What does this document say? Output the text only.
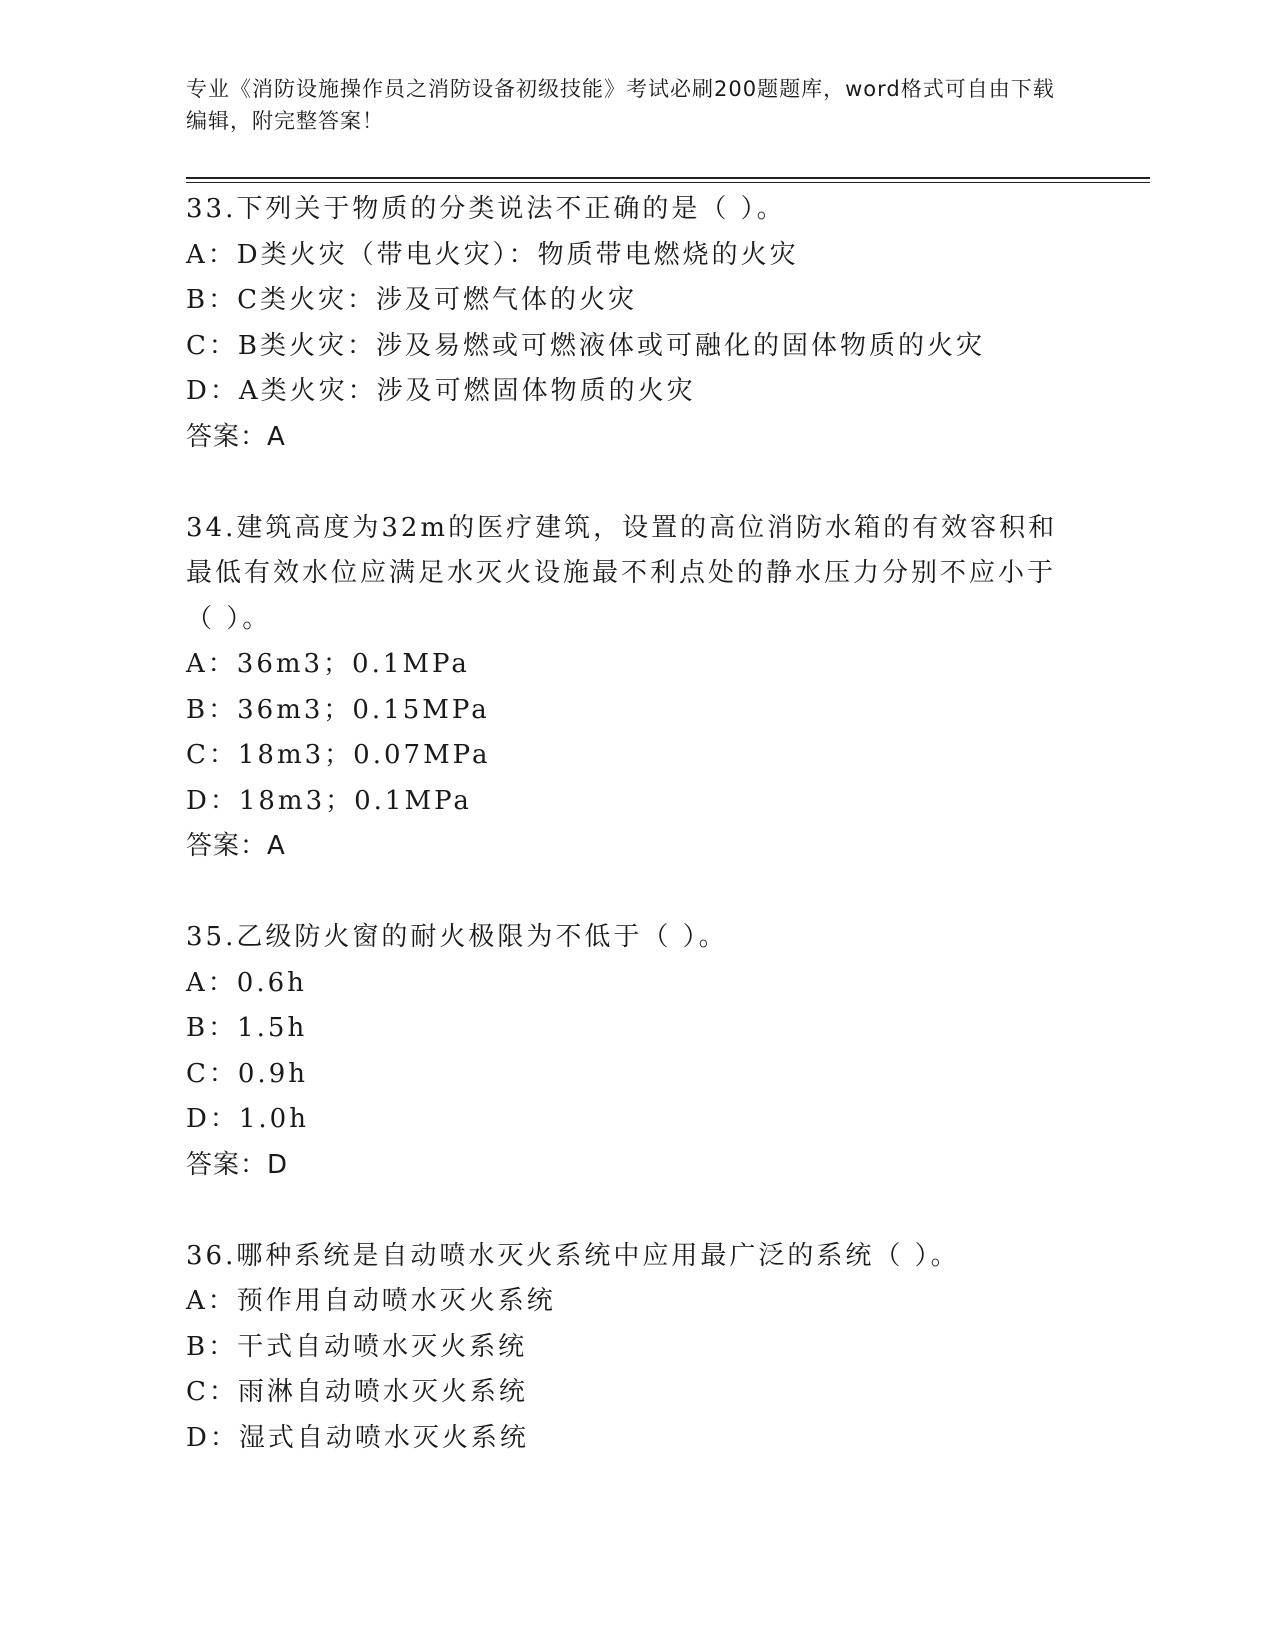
专业《消防设施操作员之消防设备初级技能》考试必刷200题题库，word格式可自由下载编辑，附完整答案！
33.下列关于物质的分类说法不正确的是（ ）。
A：D类火灾（带电火灾）：物质带电燃烧的火灾
B：C类火灾：涉及可燃气体的火灾
C：B类火灾：涉及易燃或可燃液体或可融化的固体物质的火灾
D：A类火灾：涉及可燃固体物质的火灾
答案：A
34.建筑高度为32m的医疗建筑，设置的高位消防水箱的有效容积和最低有效水位应满足水灭火设施最不利点处的静水压力分别不应小于（ ）。
A：36m3；0.1MPa
B：36m3；0.15MPa
C：18m3；0.07MPa
D：18m3；0.1MPa
答案：A
35.乙级防火窗的耐火极限为不低于（ ）。
A：0.6h
B：1.5h
C：0.9h
D：1.0h
答案：D
36.哪种系统是自动喷水灭火系统中应用最广泛的系统（ ）。
A：预作用自动喷水灭火系统
B：干式自动喷水灭火系统
C：雨淋自动喷水灭火系统
D：湿式自动喷水灭火系统
